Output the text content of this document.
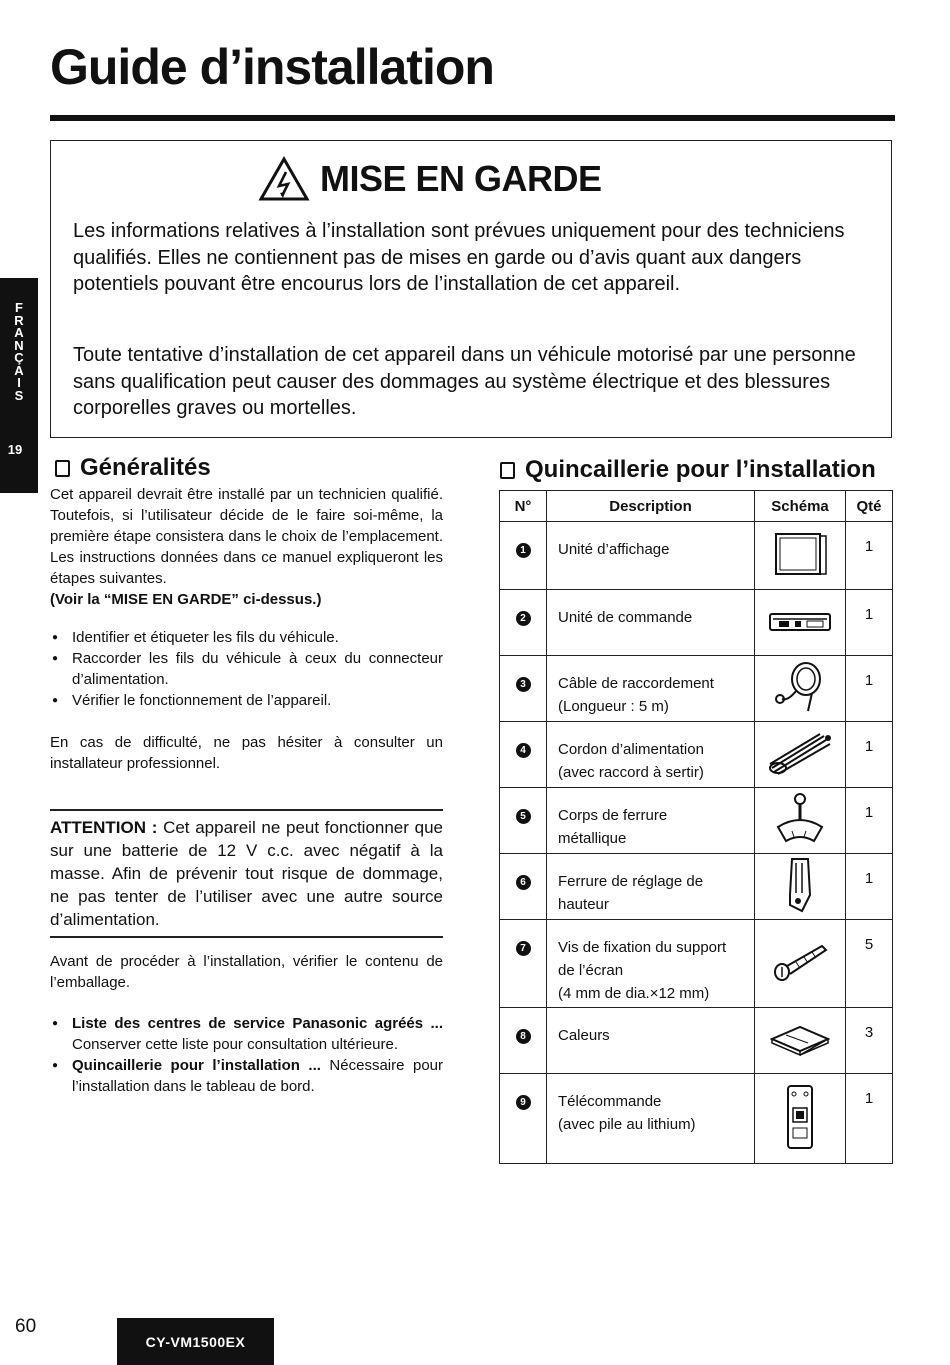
Guide d’installation
F
R
A
N
Ç
A
I
S
19
MISE EN GARDE

Les informations relatives à l’installation sont prévues uniquement pour des techniciens qualifiés. Elles ne contiennent pas de mises en garde ou d’avis quant aux dangers potentiels pouvant être encourus lors de l’installation de cet appareil.

Toute tentative d’installation de cet appareil dans un véhicule motorisé par une personne sans qualification peut causer des dommages au système électrique et des blessures corporelles graves ou mortelles.

Généralités

Cet appareil devrait être installé par un technicien qualifié. Toutefois, si l’utilisateur décide de le faire soi-même, la première étape consistera dans le choix de l’emplacement. Les instructions données dans ce manuel expliqueront les étapes suivantes.
(Voir la “MISE EN GARDE” ci-dessus.)

● Identifier et étiqueter les fils du véhicule.
● Raccorder les fils du véhicule à ceux du connecteur d’alimentation.
● Vérifier le fonctionnement de l’appareil.

En cas de difficulté, ne pas hésiter à consulter un installateur professionnel.

ATTENTION : Cet appareil ne peut fonctionner que sur une batterie de 12 V c.c. avec négatif à la masse. Afin de prévenir tout risque de dommage, ne pas tenter de l’utiliser avec une autre source d’alimentation.

Avant de procéder à l’installation, vérifier le contenu de l’emballage.

● Liste des centres de service Panasonic agréés ... Conserver cette liste pour consultation ultérieure.
● Quincaillerie pour l’installation ... Nécessaire pour l’installation dans le tableau de bord.
Quincaillerie pour l’installation
N°	Description	Schéma	Qté
1	Unité d’affichage		1
2	Unité de commande		1
3	Câble de raccordement
(Longueur : 5 m)		1
4	Cordon d’alimentation
(avec raccord à sertir)		1
5	Corps de ferrure
métallique		1
6	Ferrure de réglage de
hauteur		1
7	Vis de fixation du support
de l’écran
(4 mm de dia.×12 mm)		5
8	Caleurs		3
9	Télécommande
(avec pile au lithium)		1
60
CY-VM1500EX
